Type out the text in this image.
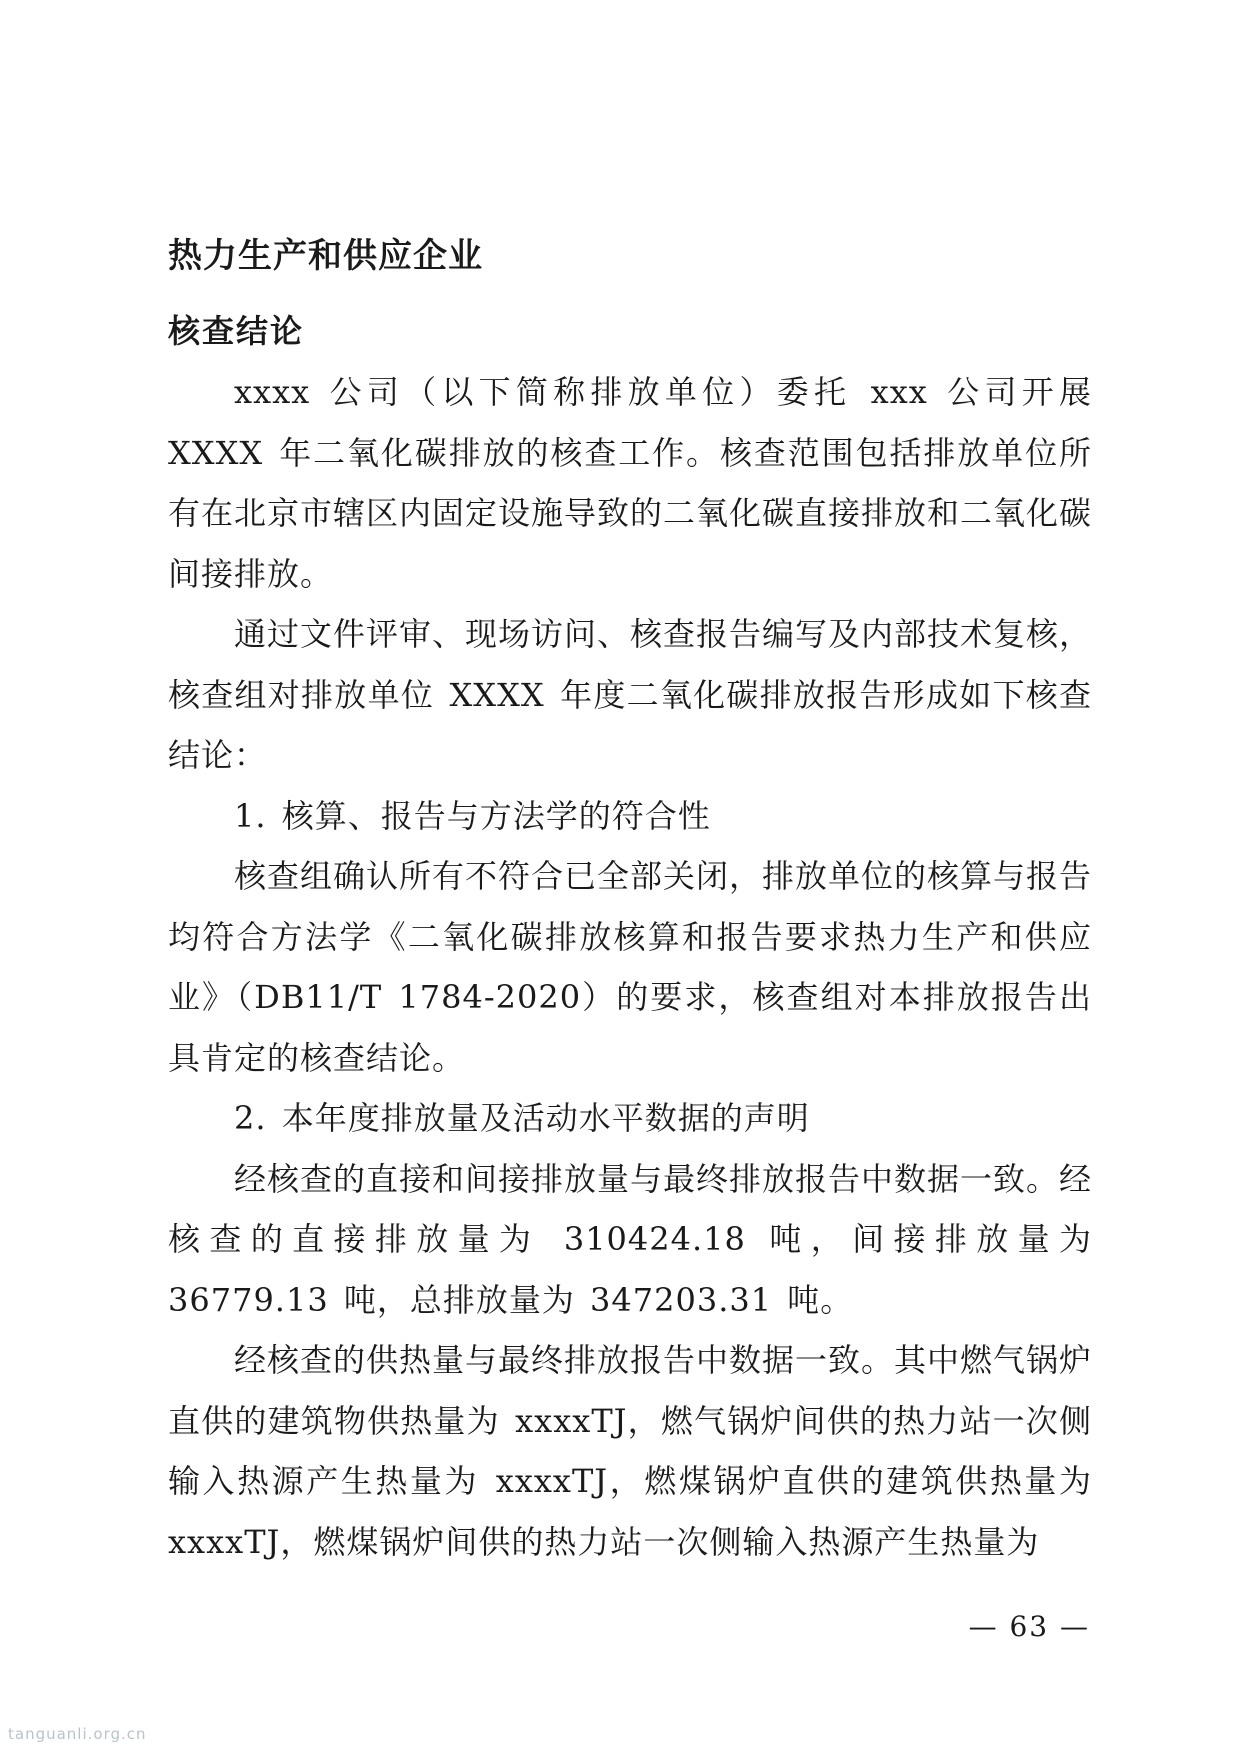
热力生产和供应企业
核查结论

xxxx 公司（以下简称排放单位）委托 xxx 公司开展 XXXX 年二氧化碳排放的核查工作。核查范围包括排放单位所有在北京市辖区内固定设施导致的二氧化碳直接排放和二氧化碳间接排放。

通过文件评审、现场访问、核查报告编写及内部技术复核，核查组对排放单位 XXXX 年度二氧化碳排放报告形成如下核查结论：

1. 核算、报告与方法学的符合性

核查组确认所有不符合已全部关闭，排放单位的核算与报告均符合方法学《二氧化碳排放核算和报告要求热力生产和供应业》（DB11/T 1784-2020）的要求，核查组对本排放报告出具肯定的核查结论。

2. 本年度排放量及活动水平数据的声明

经核查的直接和间接排放量与最终排放报告中数据一致。经核查的直接排放量为 310424.18 吨，间接排放量为 36779.13 吨，总排放量为 347203.31 吨。

经核查的供热量与最终排放报告中数据一致。其中燃气锅炉直供的建筑物供热量为 xxxxTJ，燃气锅炉间供的热力站一次侧输入热源产生热量为 xxxxTJ，燃煤锅炉直供的建筑供热量为 xxxxTJ，燃煤锅炉间供的热力站一次侧输入热源产生热量为

— 63 —
tanguanli.org.cn
